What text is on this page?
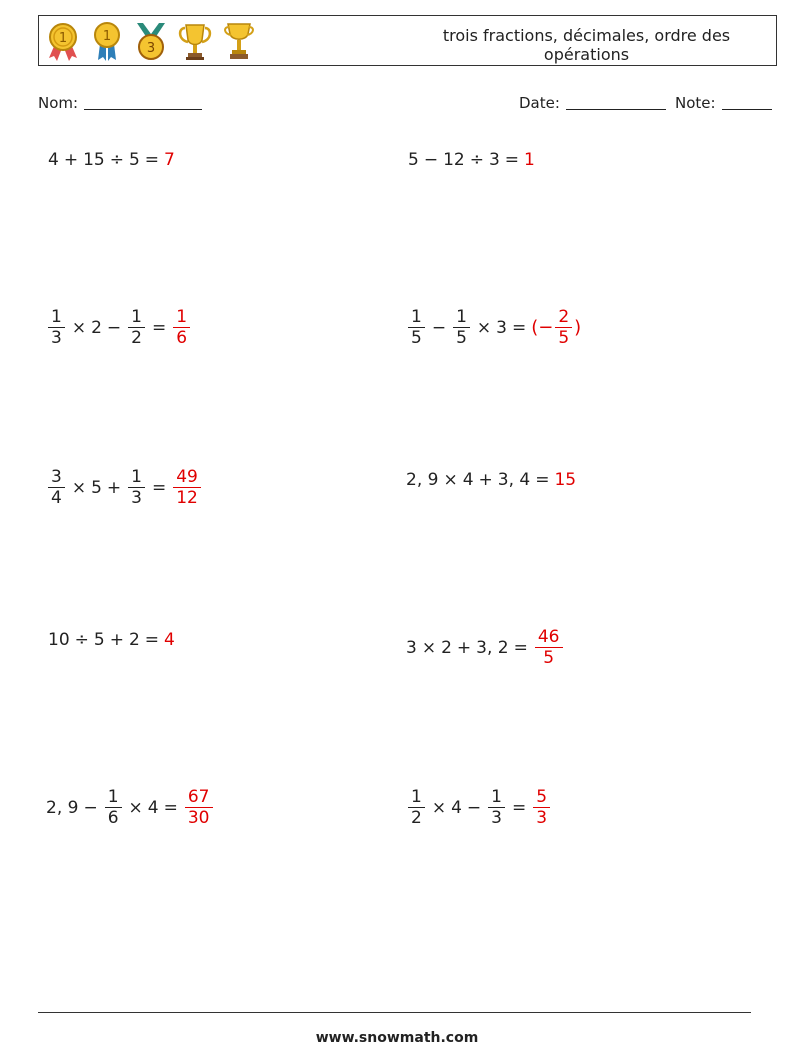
1	1
3
trois fractions, décimales, ordre des opérations
Nom:	Date:	Note:
4 + 15 ÷ 5 = 7	5 − 12 ÷ 3 = 1
$\frac{1}{3} \times 2 - \frac{1}{2} = \frac{1}{6}$	$\frac{1}{5} - \frac{1}{5} \times 3$ = (− $\frac{2}{5}$ )
$\frac{3}{4} \times 5 + \frac{1}{3} = \frac{49}{12}$	2, 9 × 4 + 3, 4 = 15
10 ÷ 5 + 2 = 4	3 × 2 + 3, $2 = \frac{46}{5}$
2, $9 - \frac{1}{6} \times 4 = \frac{67}{30}$	$\frac{1}{2} \times 4 - \frac{1}{3} = \frac{5}{3}$
www.snowmath.com
